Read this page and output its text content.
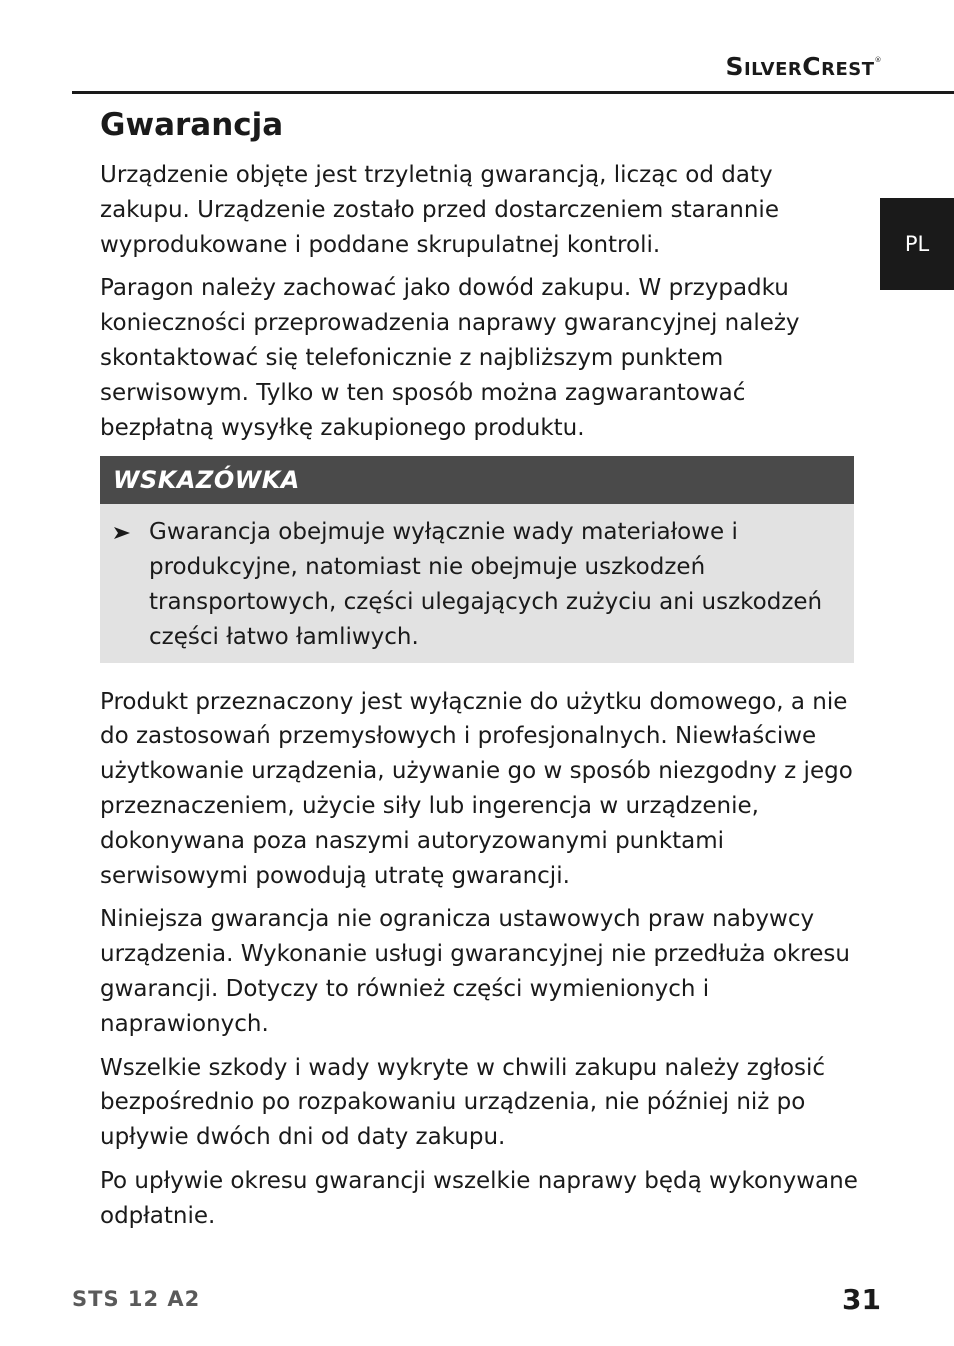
SilverCrest®
PL
Gwarancja

Urządzenie objęte jest trzyletnią gwarancją, licząc od daty zakupu. Urządzenie zostało przed dostarczeniem starannie wyprodukowane i poddane skrupulatnej kontroli.

Paragon należy zachować jako dowód zakupu. W przypadku konieczności przeprowadzenia naprawy gwarancyjnej należy skontaktować się telefonicznie z najbliższym punktem serwisowym. Tylko w ten sposób można zagwarantować bezpłatną wysyłkę zakupionego produktu.

WSKAZÓWKA
Gwarancja obejmuje wyłącznie wady materiałowe i produkcyjne, natomiast nie obejmuje uszkodzeń transportowych, części ulegających zużyciu ani uszkodzeń części łatwo łamliwych.

Produkt przeznaczony jest wyłącznie do użytku domowego, a nie do zastosowań przemysłowych i profesjonalnych. Niewłaściwe użytkowanie urządzenia, używanie go w sposób niezgodny z jego przeznaczeniem, użycie siły lub ingerencja w urządzenie, dokonywana poza naszymi autoryzowanymi punktami serwisowymi powodują utratę gwarancji.

Niniejsza gwarancja nie ogranicza ustawowych praw nabywcy urządzenia. Wykonanie usługi gwarancyjnej nie przedłuża okresu gwarancji. Dotyczy to również części wymienionych i naprawionych.

Wszelkie szkody i wady wykryte w chwili zakupu należy zgłosić bezpośrednio po rozpakowaniu urządzenia, nie później niż po upływie dwóch dni od daty zakupu.

Po upływie okresu gwarancji wszelkie naprawy będą wykonywane odpłatnie.

STS 12 A2	31
